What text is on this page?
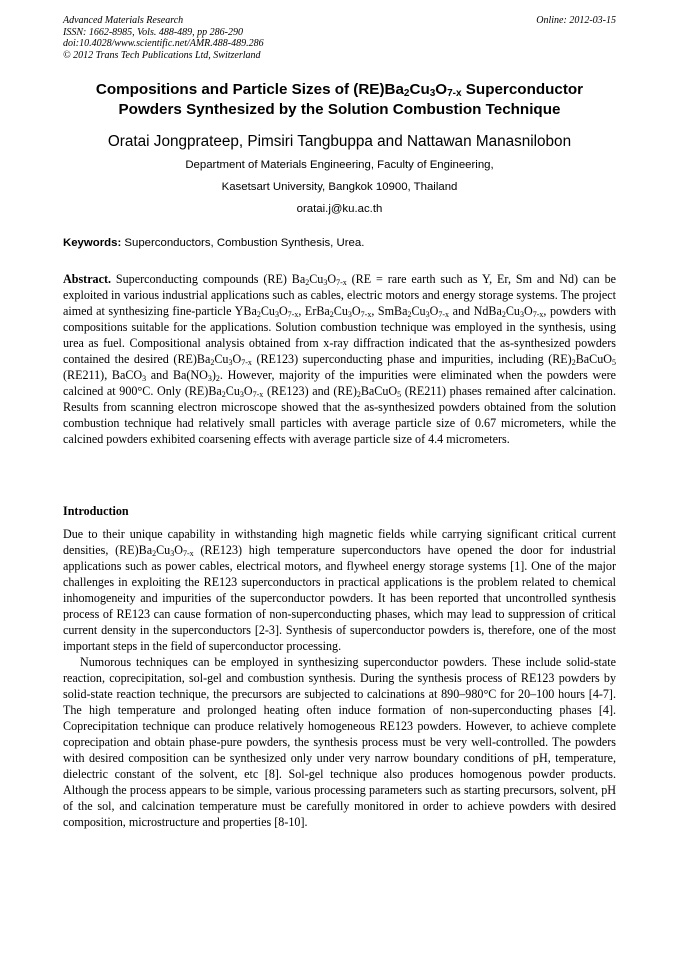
Advanced Materials Research
ISSN: 1662-8985, Vols. 488-489, pp 286-290
doi:10.4028/www.scientific.net/AMR.488-489.286
© 2012 Trans Tech Publications Ltd, Switzerland
Online: 2012-03-15
Compositions and Particle Sizes of $(RE)Ba_2Cu_3O_{7-x}$ Superconductor
Powders Synthesized by the Solution Combustion Technique
Oratai Jongprateep, Pimsiri Tangbuppa and Nattawan Manasnilobon
Department of Materials Engineering, Faculty of Engineering,
Kasetsart University, Bangkok 10900, Thailand
oratai.j@ku.ac.th
Keywords: Superconductors, Combustion Synthesis, Urea.
Abstract. Superconducting compounds (RE) $Ba_2Cu_3O_{7-x}$ (RE = rare earth such as Y, Er, Sm and Nd) can be exploited in various industrial applications such as cables, electric motors and energy storage systems. The project aimed at synthesizing fine-particle $YBa_2Cu_3O_{7-x}$, $ErBa_2Cu_3O_{7-x}$, $SmBa_2Cu_3O_{7-x}$ and $NdBa_2Cu_3O_{7-x}$, powders with compositions suitable for the applications. Solution combustion technique was employed in the synthesis, using urea as fuel. Compositional analysis obtained from x-ray diffraction indicated that the as-synthesized powders contained the desired $(RE)Ba_2Cu_3O_{7-x}$ (RE123) superconducting phase and impurities, including $(RE)_2BaCuO_5$ (RE211), BaCO$_3$ and $Ba(NO_3)_2$. However, majority of the impurities were eliminated when the powders were calcined at 900°C. Only $(RE)Ba_2Cu_3O_{7-x}$ (RE123) and $(RE)_2BaCuO_5$ (RE211) phases remained after calcination. Results from scanning electron microscope showed that the as-synthesized powders obtained from the solution combustion technique had relatively small particles with average particle size of 0.67 micrometers, while the calcined powders exhibited coarsening effects with average particle size of 4.4 micrometers.
Introduction

Due to their unique capability in withstanding high magnetic fields while carrying significant critical current densities, $(RE)Ba_2Cu_3O_{7-x}$ (RE123) high temperature superconductors have opened the door for industrial applications such as power cables, electrical motors, and flywheel energy storage systems [1]. One of the major challenges in exploiting the RE123 superconductors in practical applications is the problem related to chemical inhomogeneity and impurities of the superconductor powders. It has been reported that uncontrolled synthesis process of RE123 can cause formation of non-superconducting phases, which may lead to suppression of critical current density in the superconductors [2-3]. Synthesis of superconductor powders is, therefore, one of the most important steps in the field of superconductor processing.

Numorous techniques can be employed in synthesizing superconductor powders. These include solid-state reaction, coprecipitation, sol-gel and combustion synthesis. During the synthesis process of RE123 powders by solid-state reaction technique, the precursors are subjected to calcinations at 890–980°C for 20–100 hours [4-7]. The high temperature and prolonged heating often induce formation of non-superconducting phases [4]. Coprecipitation technique can produce relatively homogeneous RE123 powders. However, to achieve complete coprecipation and obtain phase-pure powders, the synthesis process must be very well-controlled. The powders with desired composition can be synthesized only under very narrow boundary conditions of pH, temperature, dielectric constant of the solvent, etc [8]. Sol-gel technique also produces homogenous powder products. Although the process appears to be simple, various processing parameters such as starting precursors, solvent, pH of the sol, and calcination temperature must be carefully monitored in order to achieve powders with desired composition, microstructure and properties [8-10].
